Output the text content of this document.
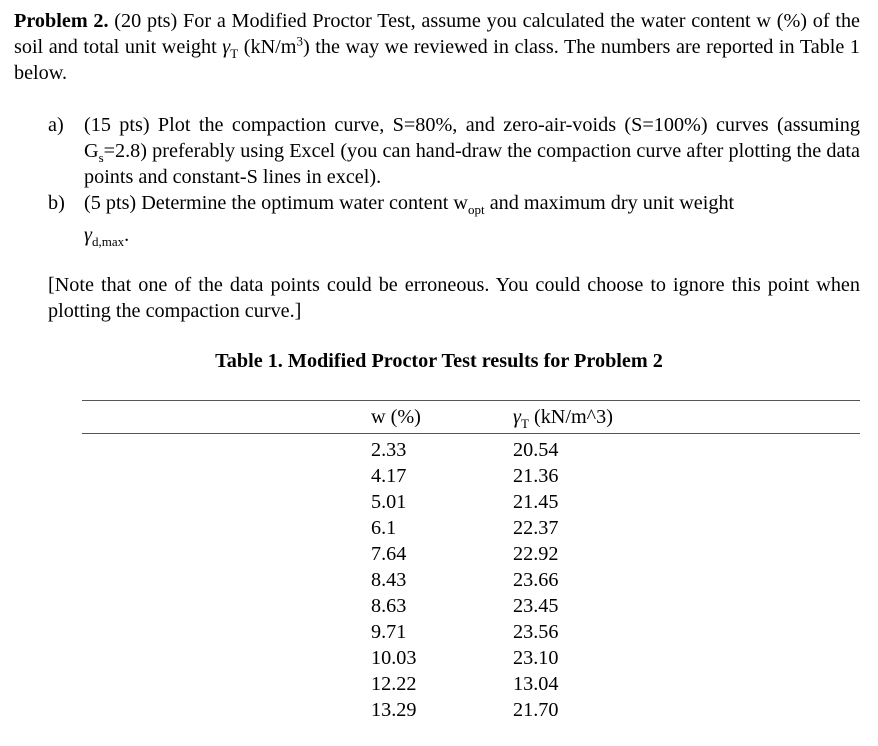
Problem 2. (20 pts) For a Modified Proctor Test, assume you calculated the water content w (%) of the soil and total unit weight $\gamma_T$ $(kN/m^3)$ the way we reviewed in class. The numbers are reported in Table 1 below.
a)	(15 pts) Plot the compaction curve, S=80%, and zero-air-voids (S=100%) curves (assuming $G_s=2.8$) preferably using Excel (you can hand-draw the compaction curve after plotting the data points and constant-S lines in excel).
b) (5 pts) Determine the optimum water content $w_{opt}$ and maximum dry unit weight
$\gamma_{d,max}$.
[Note that one of the data points could be erroneous. You could choose to ignore this point when plotting the compaction curve.]
Table 1. Modified Proctor Test results for Problem 2
w (%)	$\gamma_T$ (kN/m^3)
2.33	20.54
4.17	21.36
5.01	21.45
6.1	22.37
7.64	22.92
8.43	23.66
8.63	23.45
9.71	23.56
10.03	23.10
12.22	13.04
13.29	21.70
